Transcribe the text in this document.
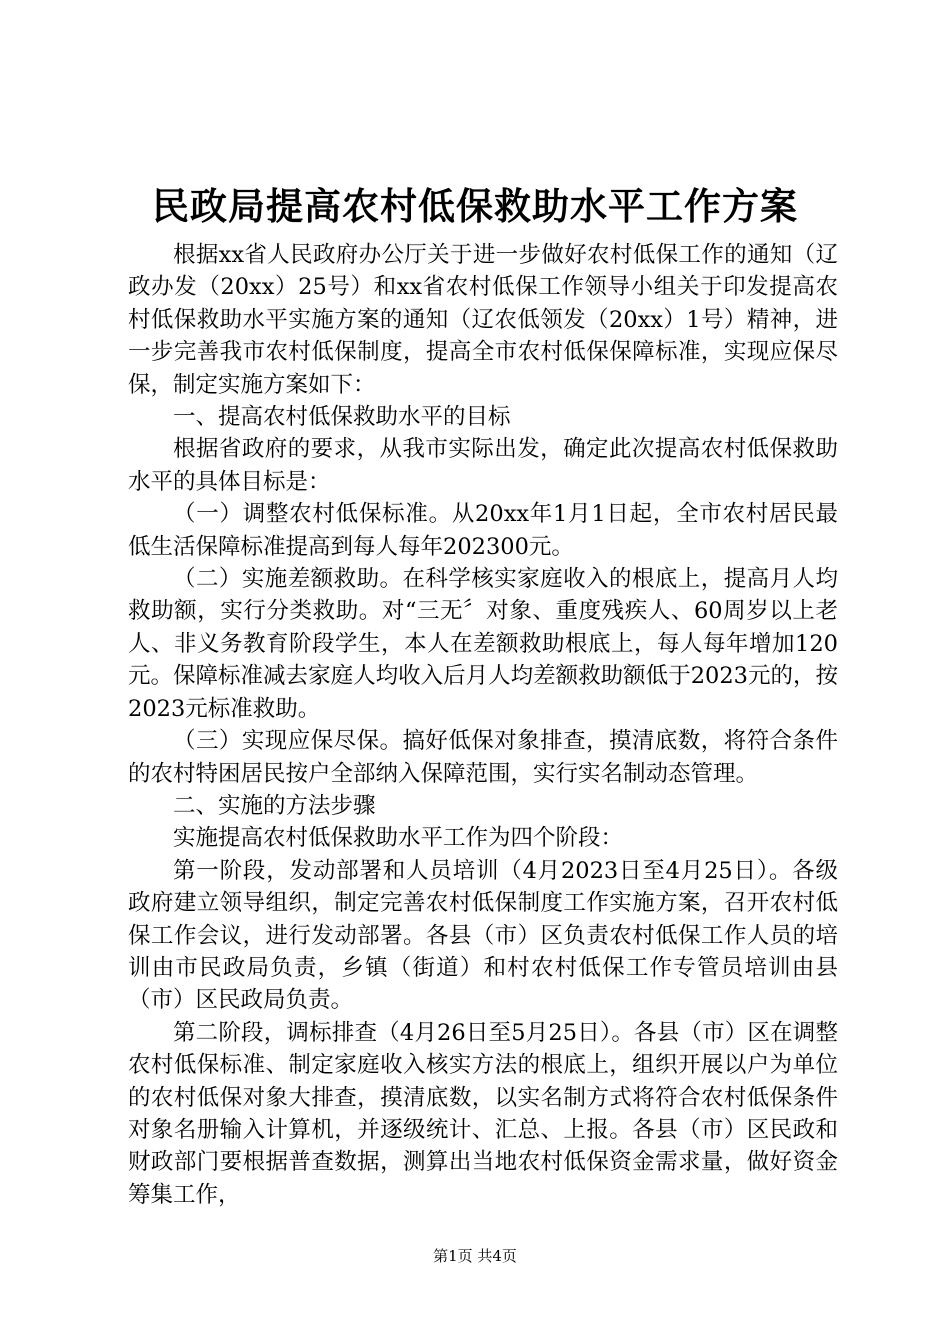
民政局提高农村低保救助水平工作方案

根据xx省人民政府办公厅关于进一步做好农村低保工作的通知（辽政办发（20xx）25号）和xx省农村低保工作领导小组关于印发提高农村低保救助水平实施方案的通知（辽农低领发（20xx）1号）精神，进一步完善我市农村低保制度，提高全市农村低保保障标准，实现应保尽保，制定实施方案如下：

一、提高农村低保救助水平的目标

根据省政府的要求，从我市实际出发，确定此次提高农村低保救助水平的具体目标是：

（一）调整农村低保标准。从20xx年1月1日起，全市农村居民最低生活保障标准提高到每人每年202300元。

（二）实施差额救助。在科学核实家庭收入的根底上，提高月人均救助额，实行分类救助。对“三无〞对象、重度残疾人、60周岁以上老人、非义务教育阶段学生，本人在差额救助根底上，每人每年增加120元。保障标准减去家庭人均收入后月人均差额救助额低于2023元的，按2023元标准救助。

（三）实现应保尽保。搞好低保对象排查，摸清底数，将符合条件的农村特困居民按户全部纳入保障范围，实行实名制动态管理。

二、实施的方法步骤

实施提高农村低保救助水平工作为四个阶段：

第一阶段，发动部署和人员培训（4月2023日至4月25日）。各级政府建立领导组织，制定完善农村低保制度工作实施方案，召开农村低保工作会议，进行发动部署。各县（市）区负责农村低保工作人员的培训由市民政局负责，乡镇（街道）和村农村低保工作专管员培训由县（市）区民政局负责。

第二阶段，调标排查（4月26日至5月25日）。各县（市）区在调整农村低保标准、制定家庭收入核实方法的根底上，组织开展以户为单位的农村低保对象大排查，摸清底数，以实名制方式将符合农村低保条件对象名册输入计算机，并逐级统计、汇总、上报。各县（市）区民政和财政部门要根据普查数据，测算出当地农村低保资金需求量，做好资金筹集工作，

第1页 共4页
